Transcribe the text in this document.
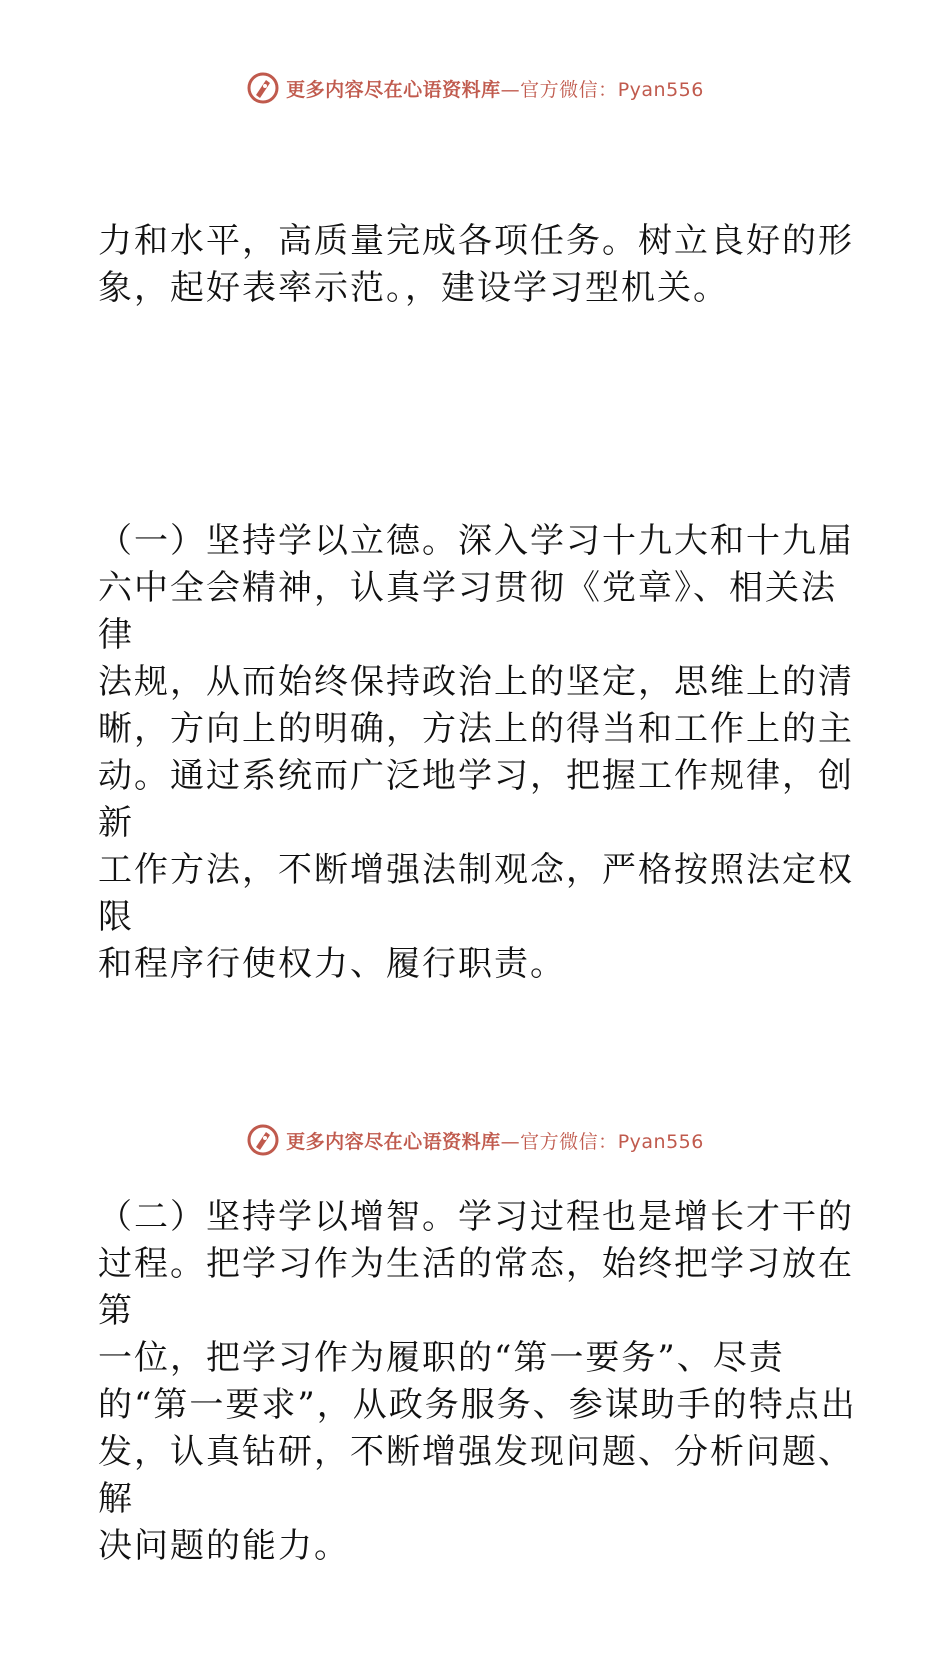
更多内容尽在心语资料库—官方微信：Pyan556

力和水平，高质量完成各项任务。树立良好的形
象，起好表率示范。，建设学习型机关。

（一）坚持学以立德。深入学习十九大和十九届
六中全会精神，认真学习贯彻《党章》、相关法律
法规，从而始终保持政治上的坚定，思维上的清
晰，方向上的明确，方法上的得当和工作上的主
动。通过系统而广泛地学习，把握工作规律，创新
工作方法，不断增强法制观念，严格按照法定权限
和程序行使权力、履行职责。

（二）坚持学以增智。学习过程也是增长才干的
过程。把学习作为生活的常态，始终把学习放在第
一位，把学习作为履职的“第一要务”、尽责
的“第一要求”，从政务服务、参谋助手的特点出
发，认真钻研，不断增强发现问题、分析问题、解
决问题的能力。

更多内容尽在心语资料库—官方微信：Pyan556
